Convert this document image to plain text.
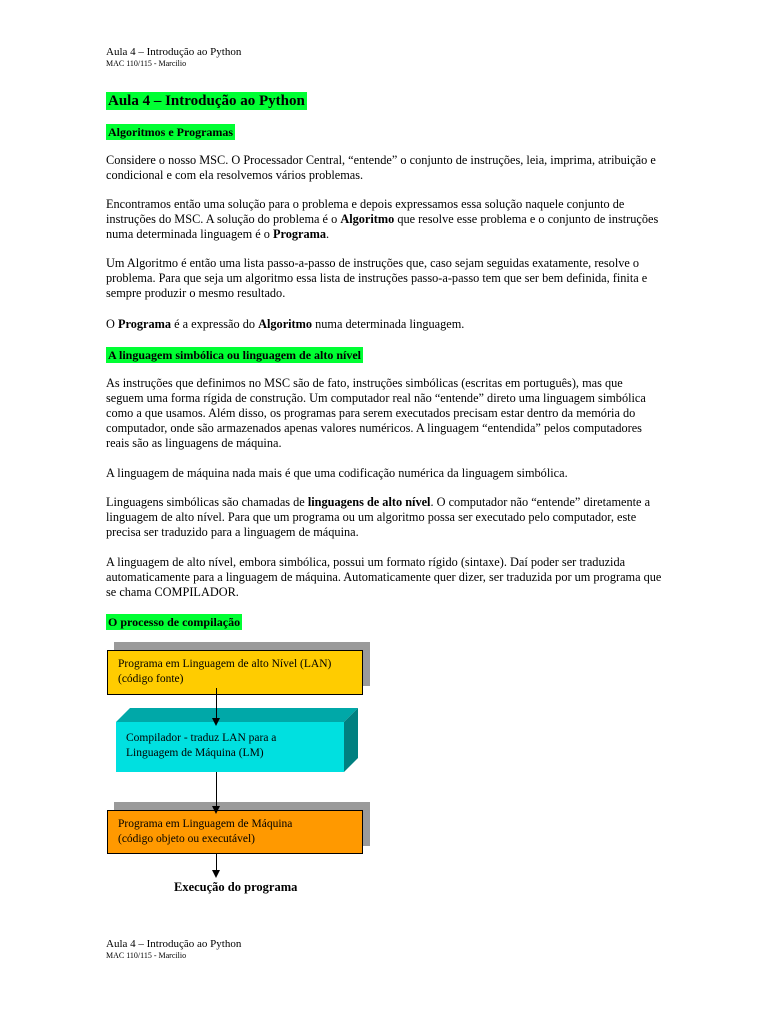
Aula 4 – Introdução ao Python
MAC 110/115 - Marcilio
Aula 4 – Introdução ao Python
Algoritmos e Programas

Considere o nosso MSC. O Processador Central, “entende” o conjunto de instruções, leia, imprima, atribuição e condicional e com ela resolvemos vários problemas.

Encontramos então uma solução para o problema e depois expressamos essa solução naquele conjunto de instruções do MSC. A solução do problema é o Algoritmo que resolve esse problema e o conjunto de instruções numa determinada linguagem é o Programa.

Um Algoritmo é então uma lista passo-a-passo de instruções que, caso sejam seguidas exatamente, resolve o problema. Para que seja um algoritmo essa lista de instruções passo-a-passo tem que ser bem definida, finita e sempre produzir o mesmo resultado.

O Programa é a expressão do Algoritmo numa determinada linguagem.

A linguagem simbólica ou linguagem de alto nível

As instruções que definimos no MSC são de fato, instruções simbólicas (escritas em português), mas que seguem uma forma rígida de construção. Um computador real não “entende” direto uma linguagem simbólica como a que usamos. Além disso, os programas para serem executados precisam estar dentro da memória do computador, onde são armazenados apenas valores numéricos. A linguagem “entendida” pelos computadores reais são as linguagens de máquina.

A linguagem de máquina nada mais é que uma codificação numérica da linguagem simbólica.

Linguagens simbólicas são chamadas de linguagens de alto nível. O computador não “entende” diretamente a linguagem de alto nível. Para que um programa ou um algoritmo possa ser executado pelo computador, este precisa ser traduzido para a linguagem de máquina.

A linguagem de alto nível, embora simbólica, possui um formato rígido (sintaxe). Daí poder ser traduzida automaticamente para a linguagem de máquina. Automaticamente quer dizer, ser traduzida por um programa que se chama COMPILADOR.

O processo de compilação
Programa em Linguagem de alto Nível (LAN)
(código fonte)
Compilador - traduz LAN para a
Linguagem de Máquina (LM)
Programa em Linguagem de Máquina
(código objeto ou executável)
Execução do programa
Aula 4 – Introdução ao Python
MAC 110/115 - Marcilio
